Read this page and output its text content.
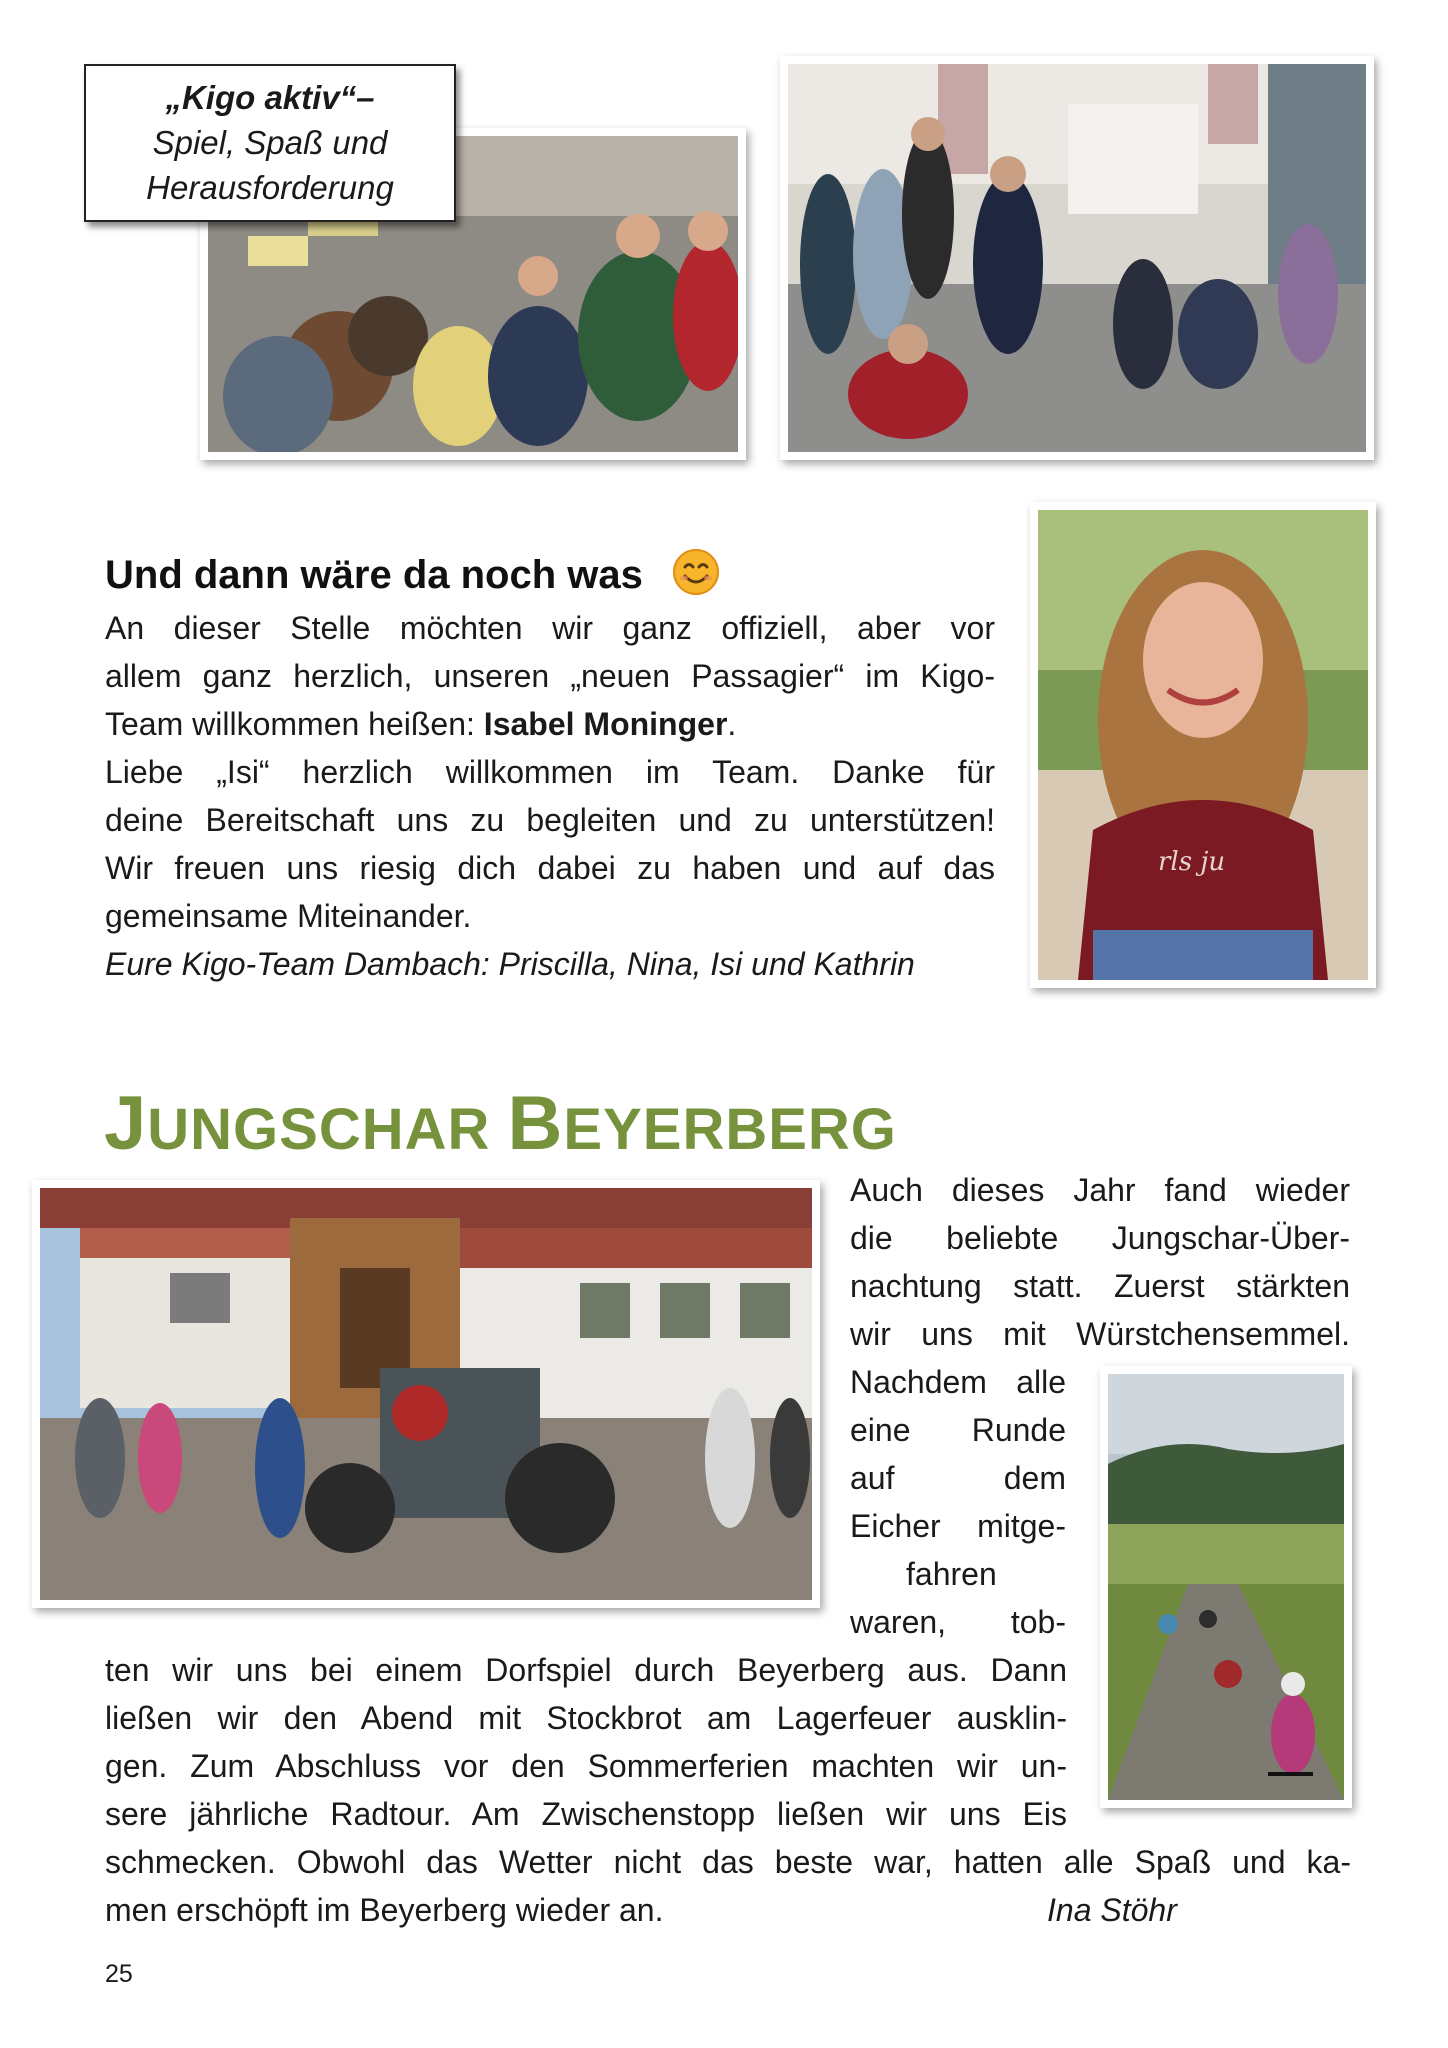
„Kigo aktiv“–
Spiel, Spaß und
Herausforderung
Und dann wäre da noch was
An dieser Stelle möchten wir ganz offiziell, aber vor
allem ganz herzlich, unseren „neuen Passagier“ im Kigo-
Team willkommen heißen: Isabel Moninger.
Liebe „Isi“ herzlich willkommen im Team. Danke für
deine Bereitschaft uns zu begleiten und zu unterstützen!
Wir freuen uns riesig dich dabei zu haben und auf das
gemeinsame Miteinander.
Eure Kigo-Team Dambach: Priscilla, Nina, Isi und Kathrin
rls ju
JUNGSCHAR BEYERBERG
Auch dieses Jahr fand wieder
die beliebte Jungschar-Über-
nachtung statt. Zuerst stärkten
wir uns mit Würstchensemmel.
Nachdem alle
eine Runde
auf dem
Eicher mitge-
fahren
waren, tob-
ten wir uns bei einem Dorfspiel durch Beyerberg aus. Dann
ließen wir den Abend mit Stockbrot am Lagerfeuer ausklin-
gen. Zum Abschluss vor den Sommerferien machten wir un-
sere jährliche Radtour. Am Zwischenstopp ließen wir uns Eis
schmecken. Obwohl das Wetter nicht das beste war, hatten alle Spaß und ka-
men erschöpft im Beyerberg wieder an.	Ina Stöhr
25
